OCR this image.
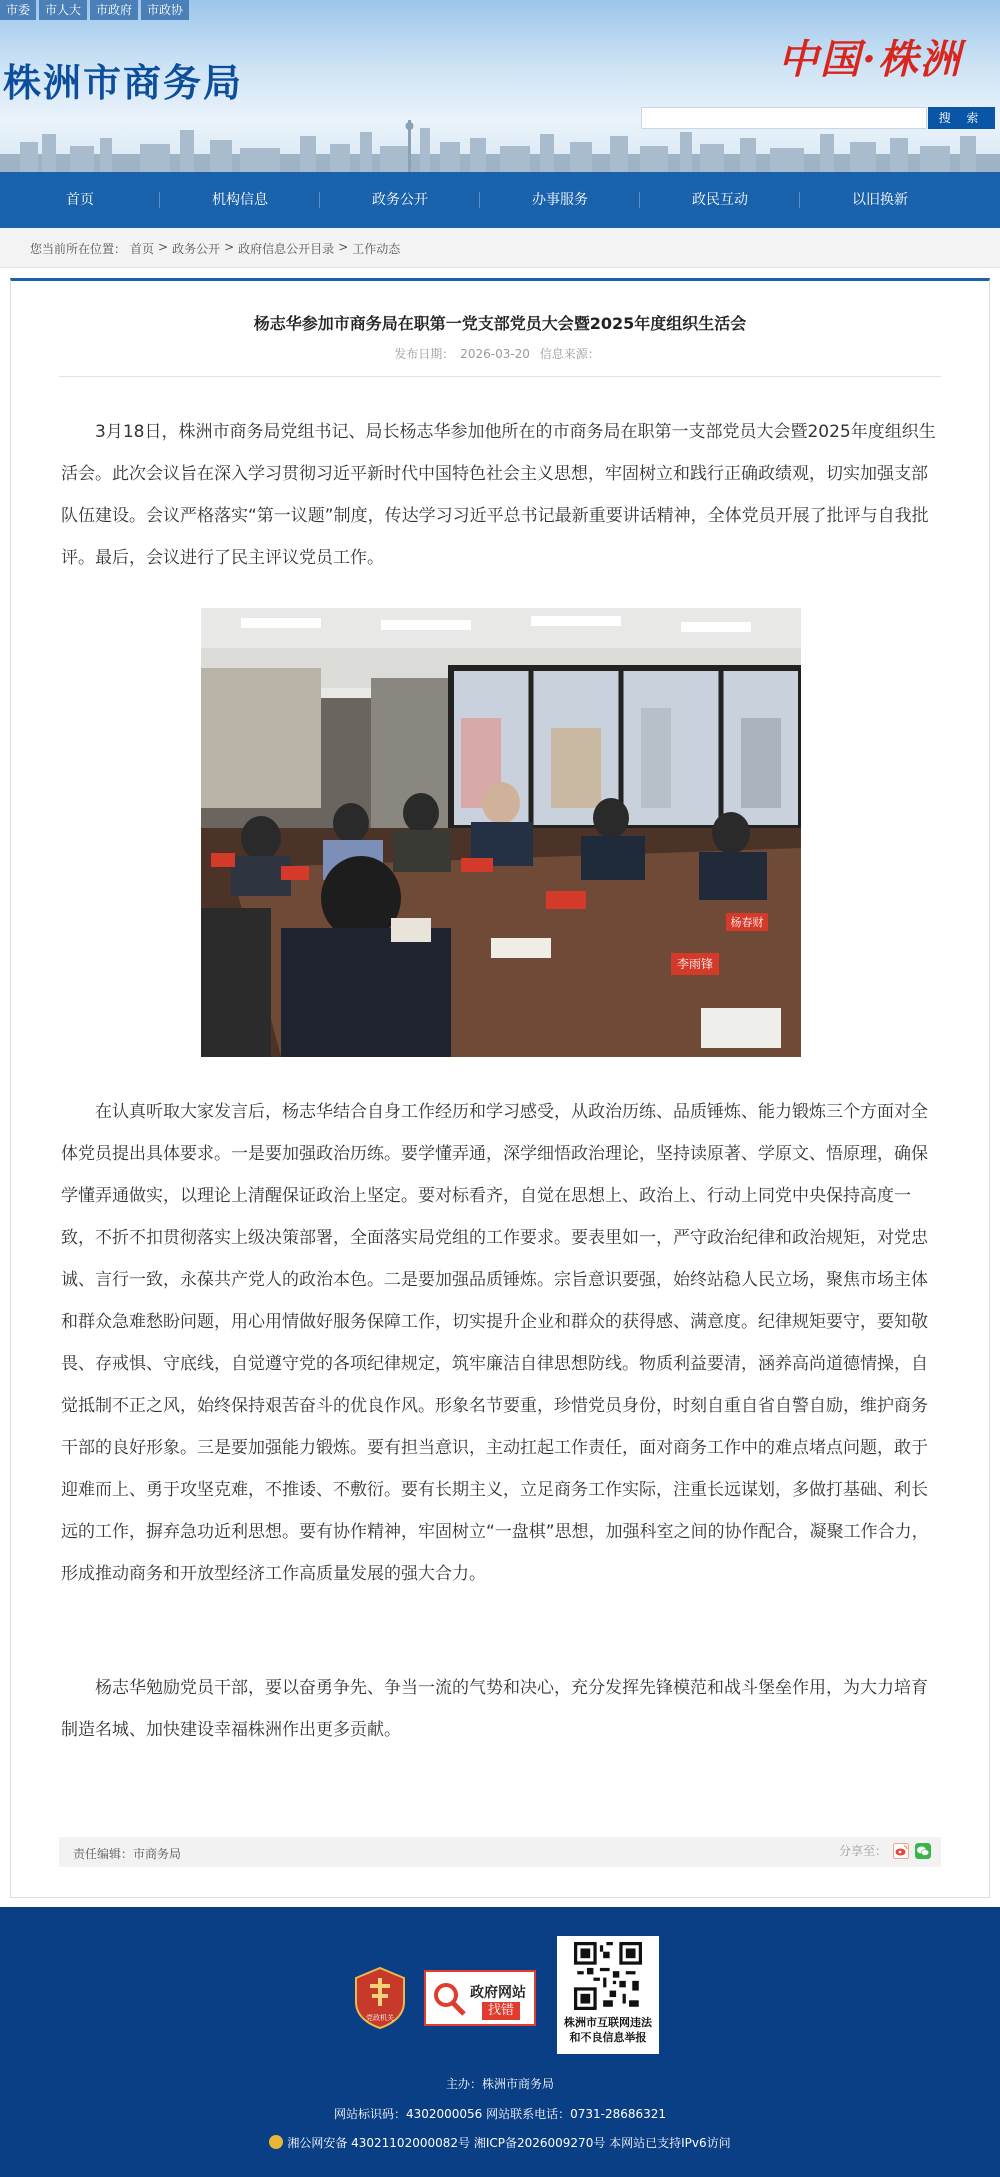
市委	市人大	市政府	市政协
株洲市商务局	中国·株洲
搜 索
首页	机构信息	政务公开	办事服务	政民互动	以旧换新
您当前所在位置： 首页 > 政务公开 > 政府信息公开目录 > 工作动态
杨志华参加市商务局在职第一党支部党员大会暨2025年度组织生活会
发布日期： 2026-03-20 信息来源：

3月18日，株洲市商务局党组书记、局长杨志华参加他所在的市商务局在职第一支部党员大会暨2025年度组织生活会。此次会议旨在深入学习贯彻习近平新时代中国特色社会主义思想，牢固树立和践行正确政绩观，切实加强支部队伍建设。会议严格落实“第一议题”制度，传达学习习近平总书记最新重要讲话精神，全体党员开展了批评与自我批评。最后，会议进行了民主评议党员工作。

李雨锋
杨春财

在认真听取大家发言后，杨志华结合自身工作经历和学习感受，从政治历练、品质锤炼、能力锻炼三个方面对全体党员提出具体要求。一是要加强政治历练。要学懂弄通，深学细悟政治理论，坚持读原著、学原文、悟原理，确保学懂弄通做实，以理论上清醒保证政治上坚定。要对标看齐，自觉在思想上、政治上、行动上同党中央保持高度一致，不折不扣贯彻落实上级决策部署，全面落实局党组的工作要求。要表里如一，严守政治纪律和政治规矩，对党忠诚、言行一致，永葆共产党人的政治本色。二是要加强品质锤炼。宗旨意识要强，始终站稳人民立场，聚焦市场主体和群众急难愁盼问题，用心用情做好服务保障工作，切实提升企业和群众的获得感、满意度。纪律规矩要守，要知敬畏、存戒惧、守底线，自觉遵守党的各项纪律规定，筑牢廉洁自律思想防线。物质利益要清，涵养高尚道德情操，自觉抵制不正之风，始终保持艰苦奋斗的优良作风。形象名节要重，珍惜党员身份，时刻自重自省自警自励，维护商务干部的良好形象。三是要加强能力锻炼。要有担当意识，主动扛起工作责任，面对商务工作中的难点堵点问题，敢于迎难而上、勇于攻坚克难，不推诿、不敷衍。要有长期主义，立足商务工作实际，注重长远谋划，多做打基础、利长远的工作，摒弃急功近利思想。要有协作精神，牢固树立“一盘棋”思想，加强科室之间的协作配合，凝聚工作合力，形成推动商务和开放型经济工作高质量发展的强大合力。

杨志华勉励党员干部，要以奋勇争先、争当一流的气势和决心，充分发挥先锋模范和战斗堡垒作用，为大力培育制造名城、加快建设幸福株洲作出更多贡献。

责任编辑：市商务局	分享至：
党政机关
政府网站
找错
株洲市互联网违法和不良信息举报
主办：株洲市商务局
网站标识码：4302000056 网站联系电话：0731-28686321
湘公网安备 43021102000082号 湘ICP备2026009270号 本网站已支持IPv6访问
